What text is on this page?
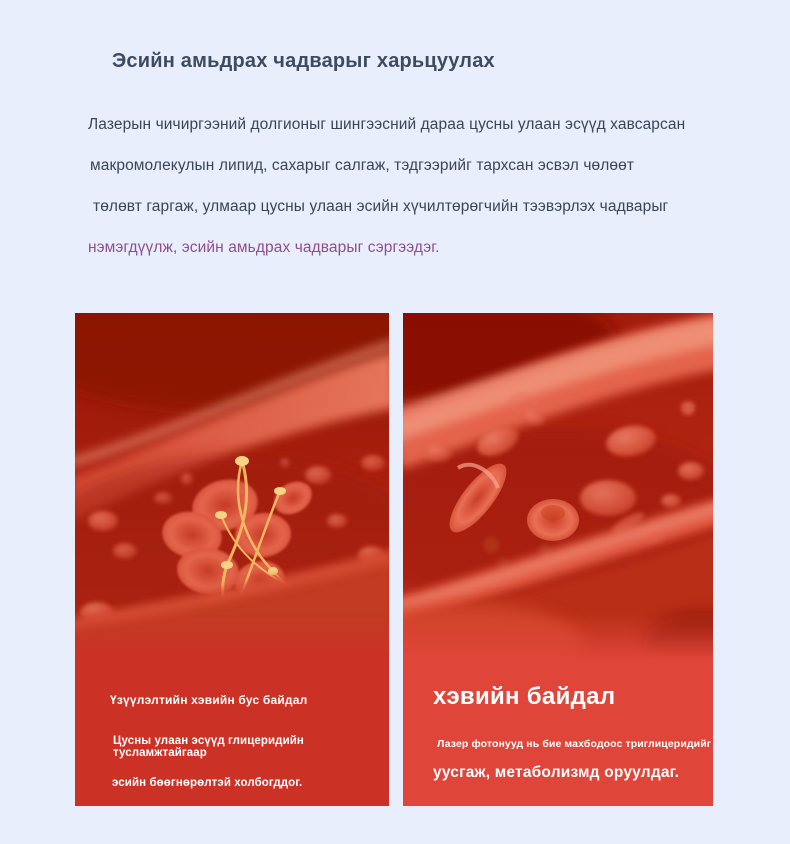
Эсийн амьдрах чадварыг харьцуулах

Лазерын чичиргээний долгионыг шингээсний дараа цусны улаан эсүүд хавсарсан

макромолекулын липид, сахарыг салгаж, тэдгээрийг тархсан эсвэл чөлөөт

төлөвт гаргаж, улмаар цусны улаан эсийн хүчилтөрөгчийн тээвэрлэх чадварыг

нэмэгдүүлж, эсийн амьдрах чадварыг сэргээдэг.

Үзүүлэлтийн хэвийн бус байдал
Цусны улаан эсүүд глицеридийн тусламжтайгаар
эсийн бөөгнөрөлтэй холбогддог.
хэвийн байдал
Лазер фотонууд нь бие махбодоос триглицеридийг
уусгаж, метаболизмд оруулдаг.
